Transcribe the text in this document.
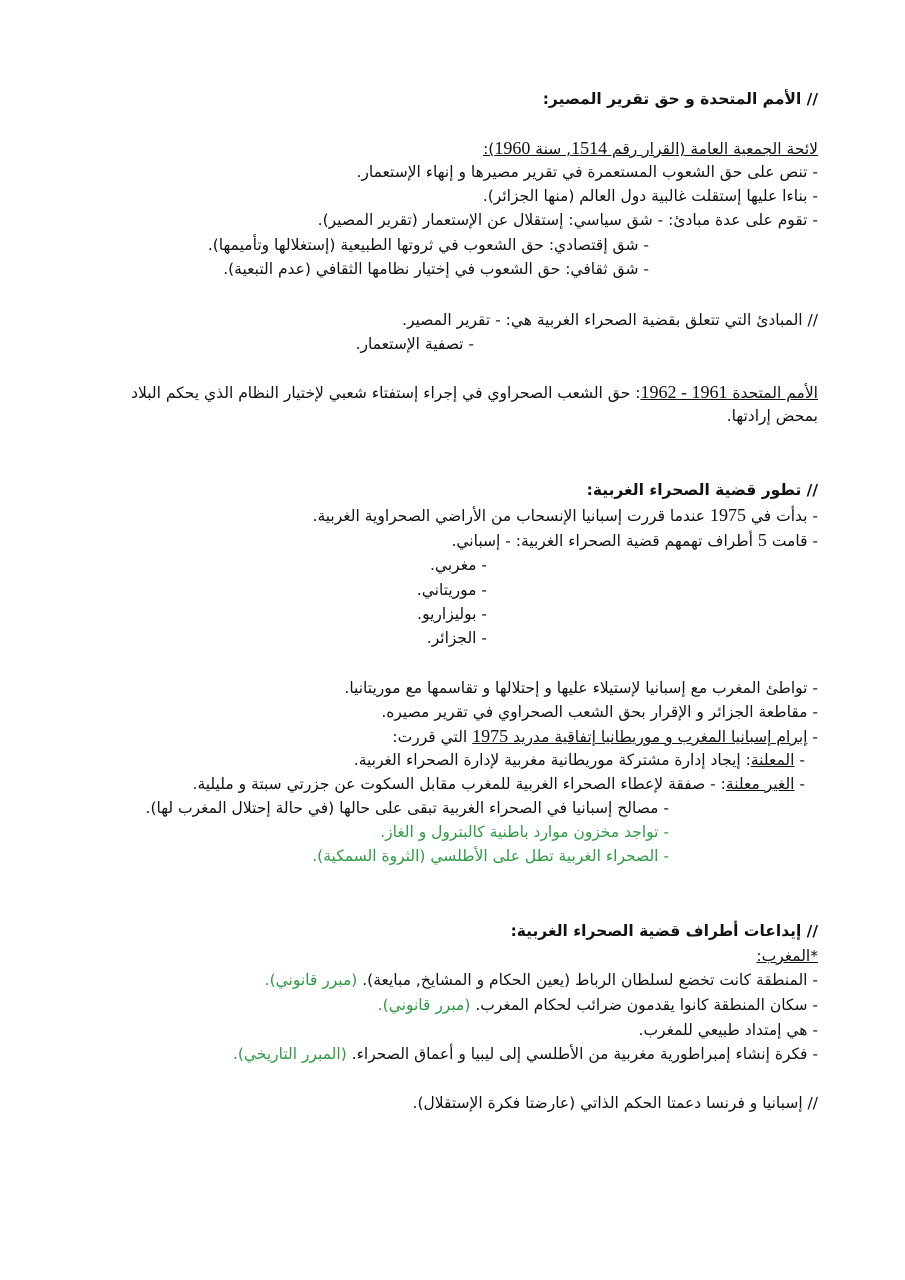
// الأمم المتحدة و حق تقرير المصير:
لائحة الجمعية العامة (القرار رقم 1514, سنة 1960):
- تنص على حق الشعوب المستعمرة في تقرير مصيرها و إنهاء الإستعمار.
- بناءا عليها إستقلت غالبية دول العالم (منها الجزائر).
- تقوم على عدة مبادئ: - شق سياسي: إستقلال عن الإستعمار (تقرير المصير).
- شق إقتصادي: حق الشعوب في ثروتها الطبيعية (إستغلالها وتأميمها).
- شق ثقافي: حق الشعوب في إختيار نظامها الثقافي (عدم التبعية).
// المبادئ التي تتعلق بقضية الصحراء الغربية هي: - تقرير المصير.
- تصفية الإستعمار.
الأمم المتحدة 1961 - 1962: حق الشعب الصحراوي في إجراء إستفتاء شعبي لإختيار النظام الذي يحكم البلاد
بمحض إرادتها.
// تطور قضية الصحراء الغربية:
- بدأت في 1975 عندما قررت إسبانيا الإنسحاب من الأراضي الصحراوية الغربية.
- قامت 5 أطراف تهمهم قضية الصحراء الغربية: - إسباني.
- مغربي.
- موريتاني.
- بوليزاريو.
- الجزائر.
- تواطئ المغرب مع إسبانيا لإستيلاء عليها و إحتلالها و تقاسمها مع موريتانيا.
- مقاطعة الجزائر و الإقرار بحق الشعب الصحراوي في تقرير مصيره.
- إبرام إسبانيا المغرب و موريطانيا إتفاقية مدريد 1975 التي قررت:
- المعلنة: إيجاد إدارة مشتركة موريطانية مغربية لإدارة الصحراء الغربية.
- الغير معلنة: - صفقة لإعطاء الصحراء الغربية للمغرب مقابل السكوت عن جزرتي سبتة و مليلية.
- مصالح إسبانيا في الصحراء الغربية تبقى على حالها (في حالة إحتلال المغرب لها).
- تواجد مخزون موارد باطنية كالبترول و الغاز.
- الصحراء الغربية تطل على الأطلسي (الثروة السمكية).
// إيداعات أطراف قضية الصحراء الغربية:
*المغرب:
- المنطقة كانت تخضع لسلطان الرباط (يعين الحكام و المشايخ, مبايعة). (مبرر قانوني).
- سكان المنطقة كانوا يقدمون ضرائب لحكام المغرب. (مبرر قانوني).
- هي إمتداد طبيعي للمغرب.
- فكرة إنشاء إمبراطورية مغربية من الأطلسي إلى ليبيا و أعماق الصحراء. (المبرر التاريخي).
// إسبانيا و فرنسا دعمتا الحكم الذاتي (عارضتا فكرة الإستقلال).
